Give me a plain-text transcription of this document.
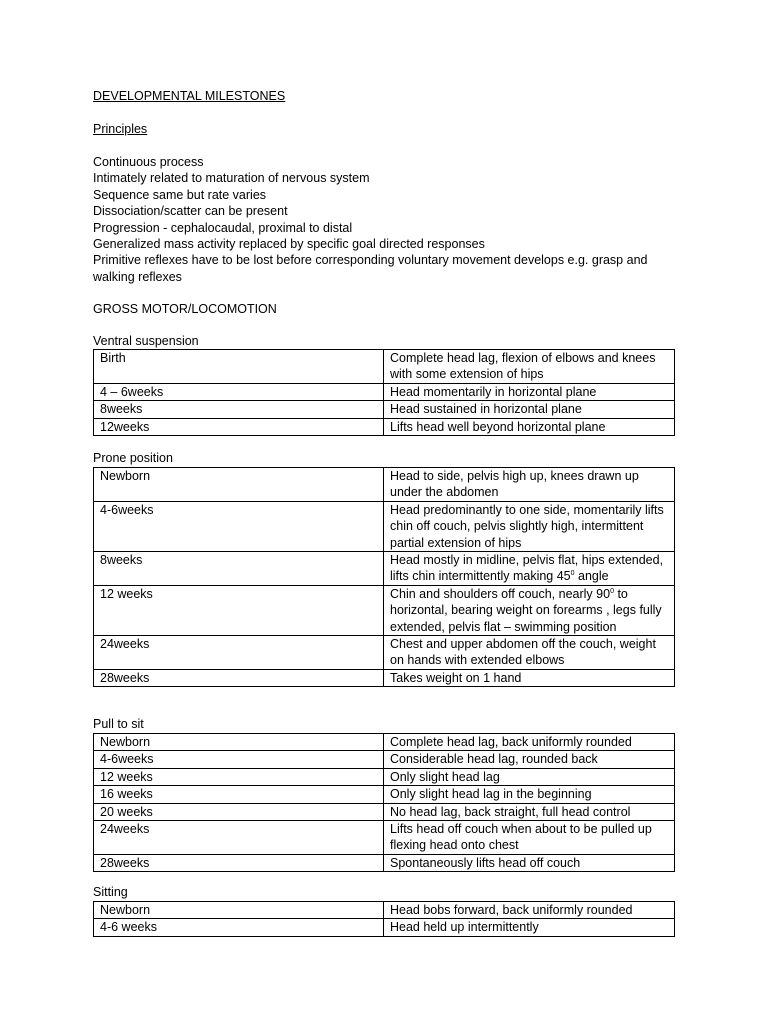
DEVELOPMENTAL MILESTONES
Principles
Continuous process
Intimately related to maturation of nervous system
Sequence same but rate varies
Dissociation/scatter can be present
Progression - cephalocaudal, proximal to distal
Generalized mass activity replaced by specific goal directed responses
Primitive reflexes have to be lost before corresponding voluntary movement develops e.g. grasp and walking reflexes
GROSS MOTOR/LOCOMOTION
Ventral suspension
Birth	Complete head lag, flexion of elbows and knees with some extension of hips
4 – 6weeks	Head momentarily in horizontal plane
8weeks	Head sustained in horizontal plane
12weeks	Lifts head well beyond horizontal plane
Prone position
Newborn	Head to side, pelvis high up, knees drawn up under the abdomen
4-6weeks	Head predominantly to one side, momentarily lifts chin off couch, pelvis slightly high, intermittent partial extension of hips
8weeks	Head mostly in midline, pelvis flat, hips extended, lifts chin intermittently making $45^0$ angle
12 weeks	Chin and shoulders off couch, nearly $90^0$ to horizontal, bearing weight on forearms , legs fully extended, pelvis flat – swimming position
24weeks	Chest and upper abdomen off the couch, weight on hands with extended elbows
28weeks	Takes weight on 1 hand
Pull to sit
Newborn	Complete head lag, back uniformly rounded
4-6weeks	Considerable head lag, rounded back
12 weeks	Only slight head lag
16 weeks	Only slight head lag in the beginning
20 weeks	No head lag, back straight, full head control
24weeks	Lifts head off couch when about to be pulled up flexing head onto chest
28weeks	Spontaneously lifts head off couch
Sitting
Newborn	Head bobs forward, back uniformly rounded
4-6 weeks	Head held up intermittently
